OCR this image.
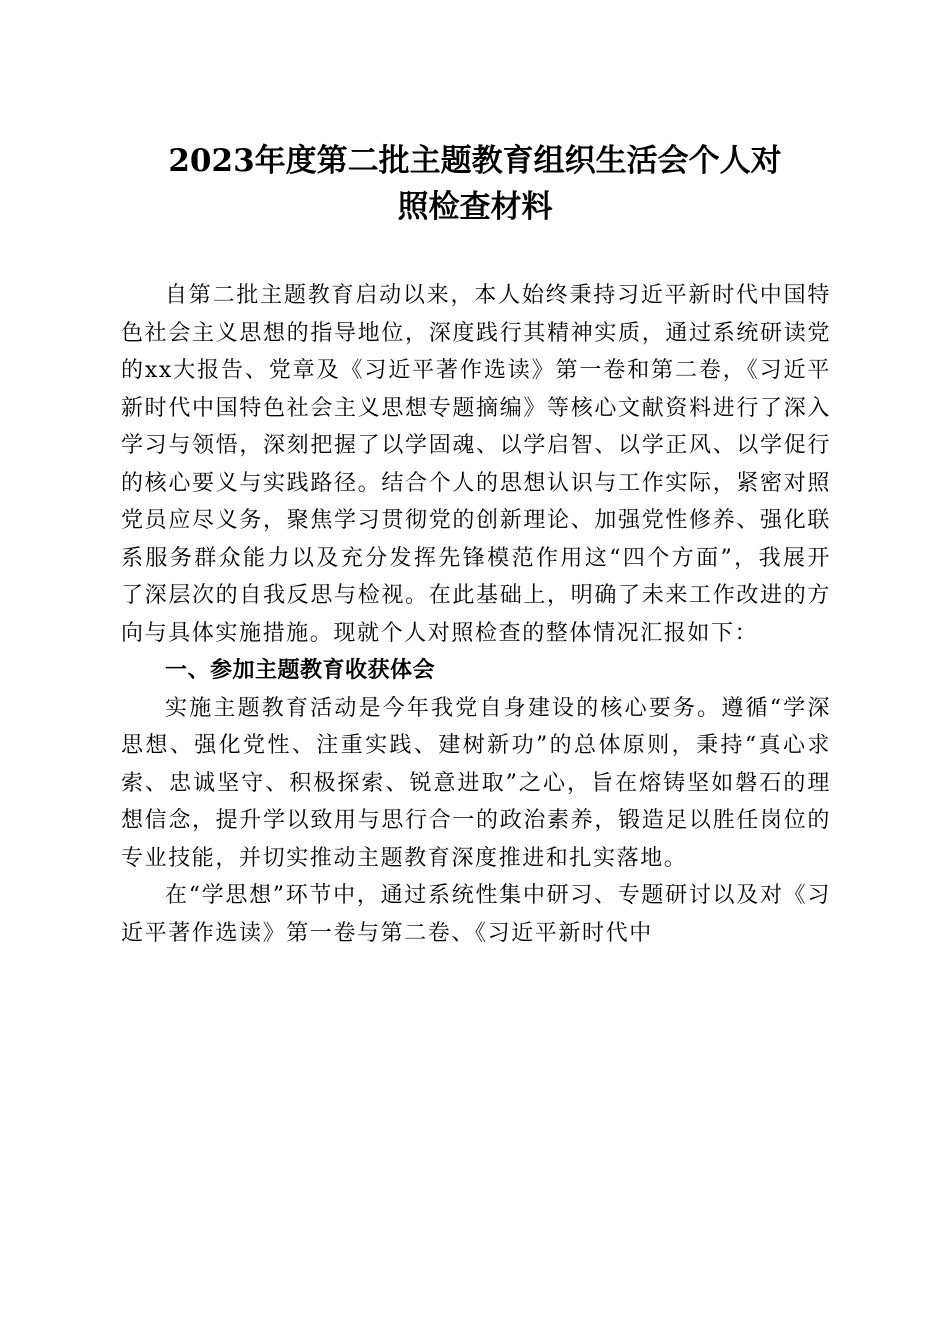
2023年度第二批主题教育组织生活会个人对
照检查材料

自第二批主题教育启动以来，本人始终秉持习近平新时代中国特色社会主义思想的指导地位，深度践行其精神实质，通过系统研读党的xx大报告、党章及《习近平著作选读》第一卷和第二卷，《习近平新时代中国特色社会主义思想专题摘编》等核心文献资料进行了深入学习与领悟，深刻把握了以学固魂、以学启智、以学正风、以学促行的核心要义与实践路径。结合个人的思想认识与工作实际，紧密对照党员应尽义务，聚焦学习贯彻党的创新理论、加强党性修养、强化联系服务群众能力以及充分发挥先锋模范作用这“四个方面”，我展开了深层次的自我反思与检视。在此基础上，明确了未来工作改进的方向与具体实施措施。现就个人对照检查的整体情况汇报如下：

一、参加主题教育收获体会

实施主题教育活动是今年我党自身建设的核心要务。遵循“学深思想、强化党性、注重实践、建树新功”的总体原则，秉持“真心求索、忠诚坚守、积极探索、锐意进取”之心，旨在熔铸坚如磐石的理想信念，提升学以致用与思行合一的政治素养，锻造足以胜任岗位的专业技能，并切实推动主题教育深度推进和扎实落地。

在“学思想”环节中，通过系统性集中研习、专题研讨以及对《习近平著作选读》第一卷与第二卷、《习近平新时代中
